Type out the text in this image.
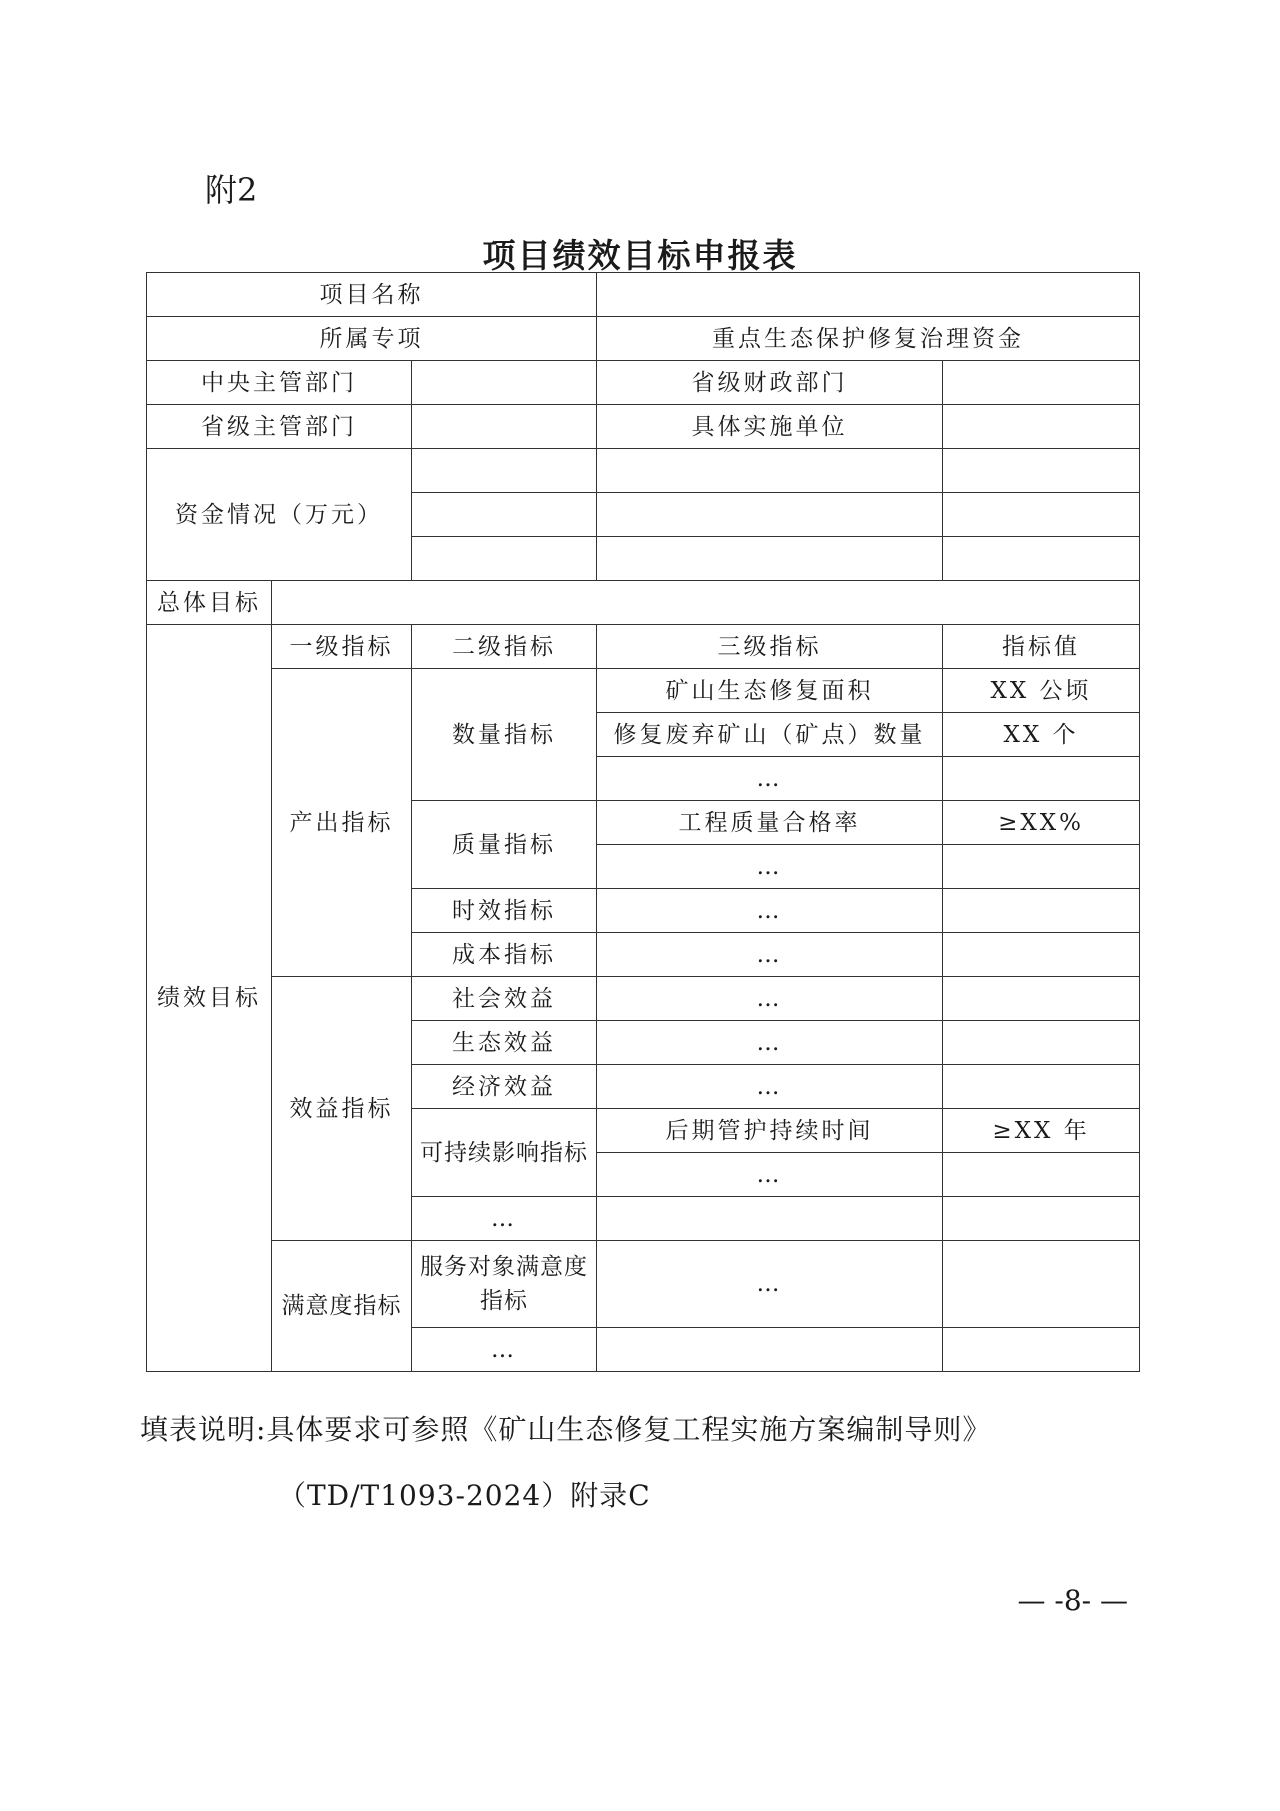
附2
项目绩效目标申报表
项目名称				
所属专项			重点生态保护修复治理资金	
中央主管部门			省级财政部门	
省级主管部门			具体实施单位	
资金情况（万元）				

总体目标				
绩效目标	一级指标	二级指标	三级指标	指标值
	产出指标	数量指标	矿山生态修复面积	XX 公顷
			修复废弃矿山（矿点）数量	XX 个
			…	
		质量指标	工程质量合格率	≥XX%
			…	
		时效指标	…	
		成本指标	…	
	效益指标	社会效益	…	
		生态效益	…	
		经济效益	…	
		可持续影响指标	后期管护持续时间	≥XX 年
			…	
		…		
	满意度指标	服务对象满意度指标	…	
		…		
填表说明:具体要求可参照《矿山生态修复工程实施方案编制导则》
（TD/T1093-2024）附录C
— -8- —
